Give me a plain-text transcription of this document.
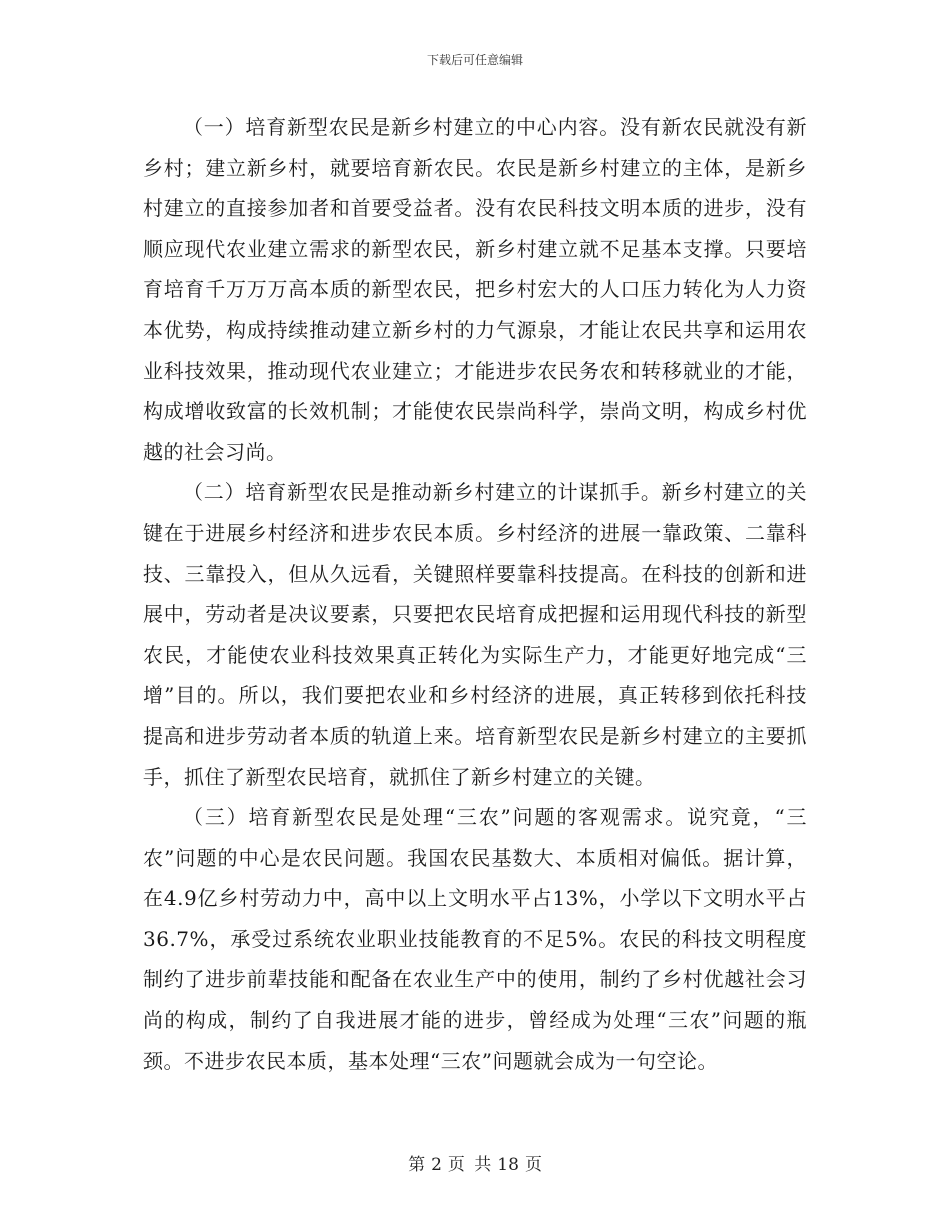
下载后可任意编辑

（一）培育新型农民是新乡村建立的中心内容。没有新农民就没有新乡村；建立新乡村，就要培育新农民。农民是新乡村建立的主体，是新乡村建立的直接参加者和首要受益者。没有农民科技文明本质的进步，没有顺应现代农业建立需求的新型农民，新乡村建立就不足基本支撑。只要培育培育千万万万高本质的新型农民，把乡村宏大的人口压力转化为人力资本优势，构成持续推动建立新乡村的力气源泉，才能让农民共享和运用农业科技效果，推动现代农业建立；才能进步农民务农和转移就业的才能，构成增收致富的长效机制；才能使农民崇尚科学，崇尚文明，构成乡村优越的社会习尚。

（二）培育新型农民是推动新乡村建立的计谋抓手。新乡村建立的关键在于进展乡村经济和进步农民本质。乡村经济的进展一靠政策、二靠科技、三靠投入，但从久远看，关键照样要靠科技提高。在科技的创新和进展中，劳动者是决议要素，只要把农民培育成把握和运用现代科技的新型农民，才能使农业科技效果真正转化为实际生产力，才能更好地完成“三增”目的。所以，我们要把农业和乡村经济的进展，真正转移到依托科技提高和进步劳动者本质的轨道上来。培育新型农民是新乡村建立的主要抓手，抓住了新型农民培育，就抓住了新乡村建立的关键。

（三）培育新型农民是处理“三农”问题的客观需求。说究竟，“三农”问题的中心是农民问题。我国农民基数大、本质相对偏低。据计算，在4.9亿乡村劳动力中，高中以上文明水平占13%，小学以下文明水平占36.7%，承受过系统农业职业技能教育的不足5%。农民的科技文明程度制约了进步前辈技能和配备在农业生产中的使用，制约了乡村优越社会习尚的构成，制约了自我进展才能的进步，曾经成为处理“三农”问题的瓶颈。不进步农民本质，基本处理“三农”问题就会成为一句空论。

第 2 页 共 18 页
